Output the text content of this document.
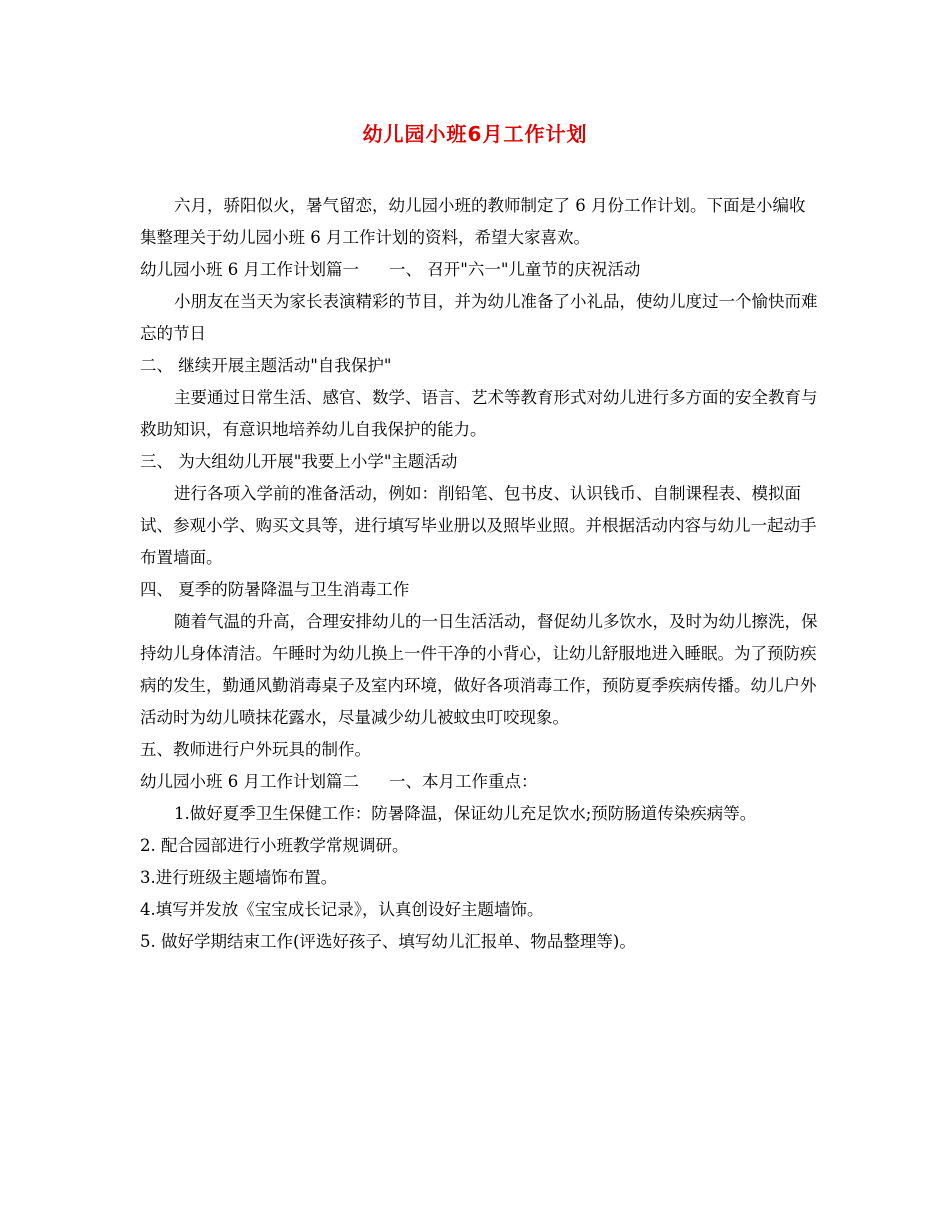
幼儿园小班6月工作计划

六月，骄阳似火，暑气留恋，幼儿园小班的教师制定了 6 月份工作计划。下面是小编收集整理关于幼儿园小班 6 月工作计划的资料，希望大家喜欢。

幼儿园小班 6 月工作计划篇一 一、 召开"六一"儿童节的庆祝活动

小朋友在当天为家长表演精彩的节目，并为幼儿准备了小礼品，使幼儿度过一个愉快而难忘的节日

二、 继续开展主题活动"自我保护"

主要通过日常生活、感官、数学、语言、艺术等教育形式对幼儿进行多方面的安全教育与救助知识，有意识地培养幼儿自我保护的能力。

三、 为大组幼儿开展"我要上小学"主题活动

进行各项入学前的准备活动，例如：削铅笔、包书皮、认识钱币、自制课程表、模拟面试、参观小学、购买文具等，进行填写毕业册以及照毕业照。并根据活动内容与幼儿一起动手布置墙面。

四、 夏季的防暑降温与卫生消毒工作

随着气温的升高，合理安排幼儿的一日生活活动，督促幼儿多饮水，及时为幼儿擦洗，保持幼儿身体清洁。午睡时为幼儿换上一件干净的小背心，让幼儿舒服地进入睡眠。为了预防疾病的发生，勤通风勤消毒桌子及室内环境，做好各项消毒工作，预防夏季疾病传播。幼儿户外活动时为幼儿喷抹花露水，尽量减少幼儿被蚊虫叮咬现象。

五、教师进行户外玩具的制作。

幼儿园小班 6 月工作计划篇二 一、本月工作重点：

1.做好夏季卫生保健工作：防暑降温，保证幼儿充足饮水;预防肠道传染疾病等。

2. 配合园部进行小班教学常规调研。

3.进行班级主题墙饰布置。

4.填写并发放《宝宝成长记录》，认真创设好主题墙饰。

5. 做好学期结束工作(评选好孩子、填写幼儿汇报单、物品整理等)。
